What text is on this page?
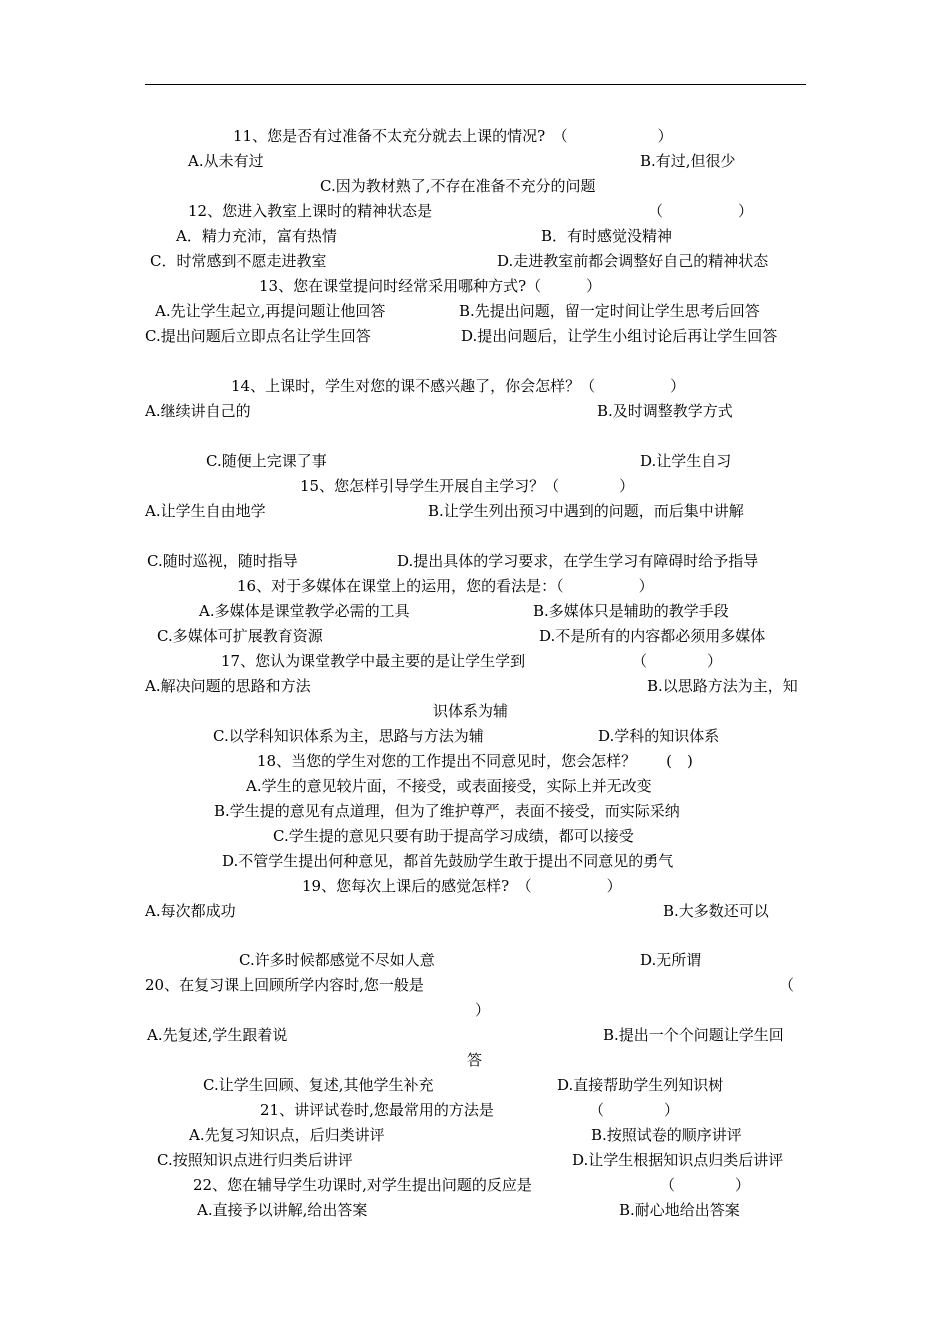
11、您是否有过准备不太充分就去上课的情况?　（　　　　　　）
A.从未有过	B.有过,但很少
C.因为教材熟了,不存在准备不充分的问题
12、您进入教室上课时的精神状态是	（　　　　　）
A．精力充沛，富有热情	B．有时感觉没精神
C．时常感到不愿走进教室	D.走进教室前都会调整好自己的精神状态
13、您在课堂提问时经常采用哪种方式?（　　　）
A.先让学生起立,再提问题让他回答	B.先提出问题，留一定时间让学生思考后回答
C.提出问题后立即点名让学生回答	D.提出问题后，让学生小组讨论后再让学生回答
14、上课时，学生对您的课不感兴趣了，你会怎样？（　　　　　）
A.继续讲自己的	B.及时调整教学方式
C.随便上完课了事	D.让学生自习
15、您怎样引导学生开展自主学习？（　　　　）
A.让学生自由地学	B.让学生列出预习中遇到的问题，而后集中讲解
C.随时巡视，随时指导	D.提出具体的学习要求，在学生学习有障碍时给予指导
16、对于多媒体在课堂上的运用，您的看法是：（　　　　　）
A.多媒体是课堂教学必需的工具	B.多媒体只是辅助的教学手段
C.多媒体可扩展教育资源	D.不是所有的内容都必须用多媒体
17、您认为课堂教学中最主要的是让学生学到	（　　　　）
A.解决问题的思路和方法	B.以思路方法为主，知
识体系为辅
C.以学科知识体系为主，思路与方法为辅	D.学科的知识体系
18、当您的学生对您的工作提出不同意见时，您会怎样？　　(　)
A.学生的意见较片面，不接受，或表面接受，实际上并无改变
B.学生提的意见有点道理，但为了维护尊严，表面不接受，而实际采纳
C.学生提的意见只要有助于提高学习成绩，都可以接受
D.不管学生提出何种意见，都首先鼓励学生敢于提出不同意见的勇气
19、您每次上课后的感觉怎样?　（　　　　　）
A.每次都成功	B.大多数还可以
C.许多时候都感觉不尽如人意	D.无所谓
20、在复习课上回顾所学内容时,您一般是	（
）
A.先复述,学生跟着说	B.提出一个个问题让学生回
答
C.让学生回顾、复述,其他学生补充	D.直接帮助学生列知识树
21、讲评试卷时,您最常用的方法是	（　　　　）
A.先复习知识点，后归类讲评	B.按照试卷的顺序讲评
C.按照知识点进行归类后讲评	D.让学生根据知识点归类后讲评
22、您在辅导学生功课时,对学生提出问题的反应是	（　　　　）
A.直接予以讲解,给出答案	B.耐心地给出答案
